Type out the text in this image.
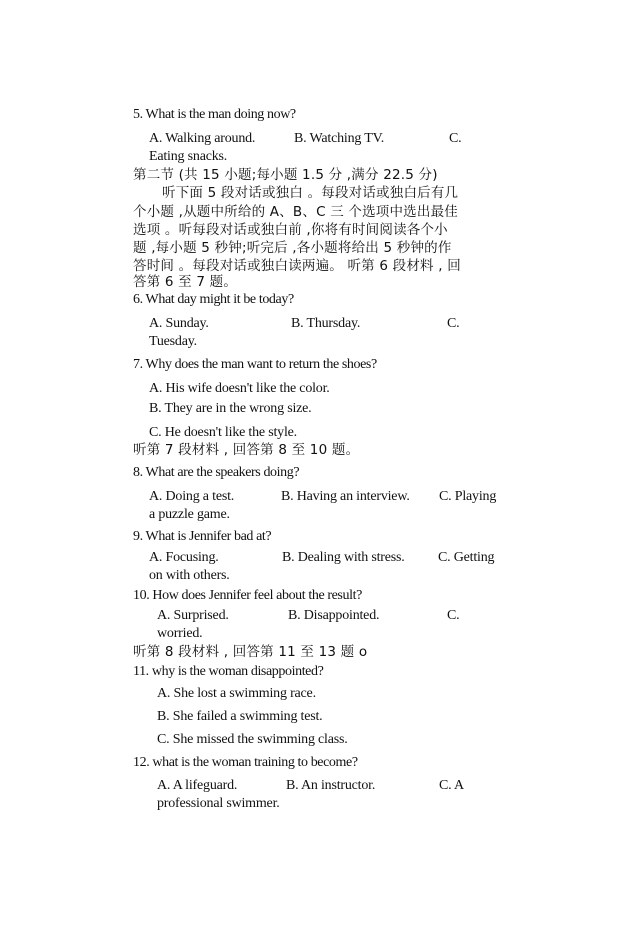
5. What is the man doing now?
A. Walking around.	B. Watching TV.	C.
Eating snacks.
第二节 (共 15 小题;每小题 1.5 分 ,满分 22.5 分)
听下面 5 段对话或独白 。每段对话或独白后有几
个小题 ,从题中所给的 A、B、C 三 个选项中选出最佳
选项 。听每段对话或独白前 ,你将有时间阅读各个小
题 ,每小题 5 秒钟;听完后 ,各小题将给出 5 秒钟的作
答时间 。每段对话或独白读两遍。 听第 6 段材料 , 回
答第 6 至 7 题。
6. What day might it be today?
A. Sunday.	B. Thursday.	C.
Tuesday.
7. Why does the man want to return the shoes?
A. His wife doesn't like the color.
B. They are in the wrong size.
C. He doesn't like the style.
听第 7 段材料 , 回答第 8 至 10 题。
8. What are the speakers doing?
A. Doing a test.	B. Having an interview. C. Playing
a puzzle game.
9. What is Jennifer bad at?
A. Focusing.	B. Dealing with stress. C. Getting
on with others.
10. How does Jennifer feel about the result?
A. Surprised.	B. Disappointed.	C.
worried.
听第 8 段材料 , 回答第 11 至 13 题 o
11. why is the woman disappointed?
A. She lost a swimming race.
B. She failed a swimming test.
C. She missed the swimming class.
12. what is the woman training to become?
A. A lifeguard.	B. An instructor.	C. A
professional swimmer.
